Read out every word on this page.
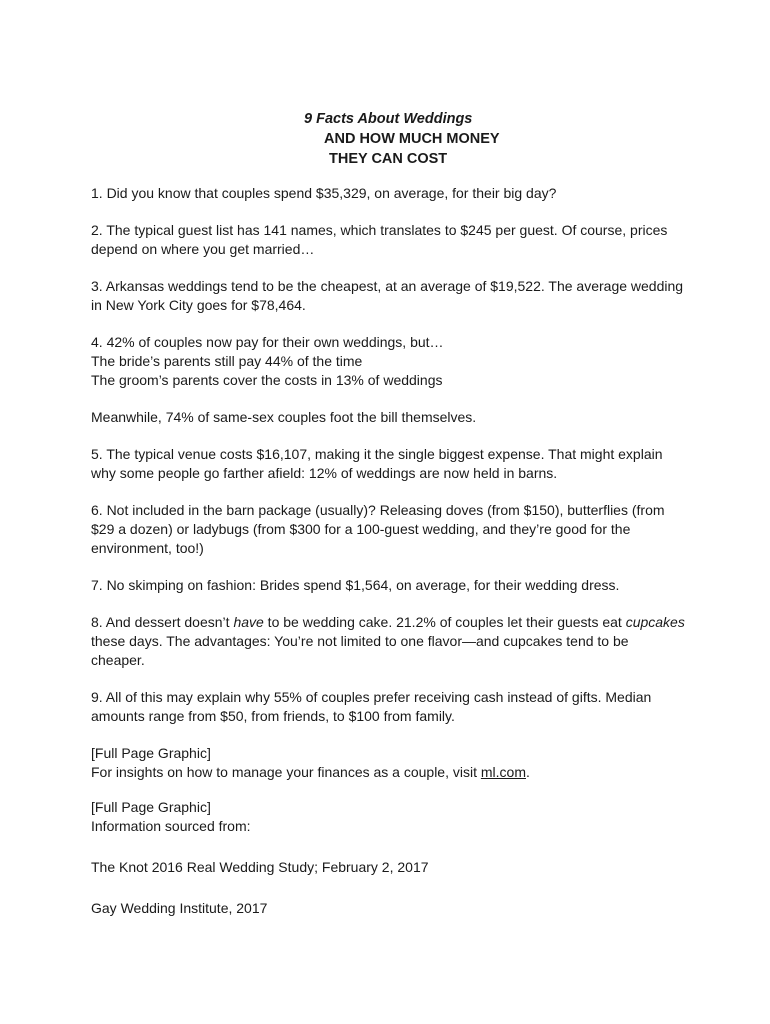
9 Facts About Weddings
AND HOW MUCH MONEY
THEY CAN COST

1. Did you know that couples spend $35,329, on average, for their big day?

2. The typical guest list has 141 names, which translates to $245 per guest. Of course, prices
depend on where you get married…

3. Arkansas weddings tend to be the cheapest, at an average of $19,522. The average wedding
in New York City goes for $78,464.

4. 42% of couples now pay for their own weddings, but…
The bride’s parents still pay 44% of the time
The groom’s parents cover the costs in 13% of weddings

Meanwhile, 74% of same-sex couples foot the bill themselves.

5. The typical venue costs $16,107, making it the single biggest expense. That might explain
why some people go farther afield: 12% of weddings are now held in barns.

6. Not included in the barn package (usually)? Releasing doves (from $150), butterflies (from
$29 a dozen) or ladybugs (from $300 for a 100-guest wedding, and they’re good for the
environment, too!)

7. No skimping on fashion: Brides spend $1,564, on average, for their wedding dress.

8. And dessert doesn’t have to be wedding cake. 21.2% of couples let their guests eat cupcakes
these days. The advantages: You’re not limited to one flavor—and cupcakes tend to be
cheaper.

9. All of this may explain why 55% of couples prefer receiving cash instead of gifts. Median
amounts range from $50, from friends, to $100 from family.

[Full Page Graphic]
For insights on how to manage your finances as a couple, visit ml.com.

[Full Page Graphic]
Information sourced from:

The Knot 2016 Real Wedding Study; February 2, 2017

Gay Wedding Institute, 2017
